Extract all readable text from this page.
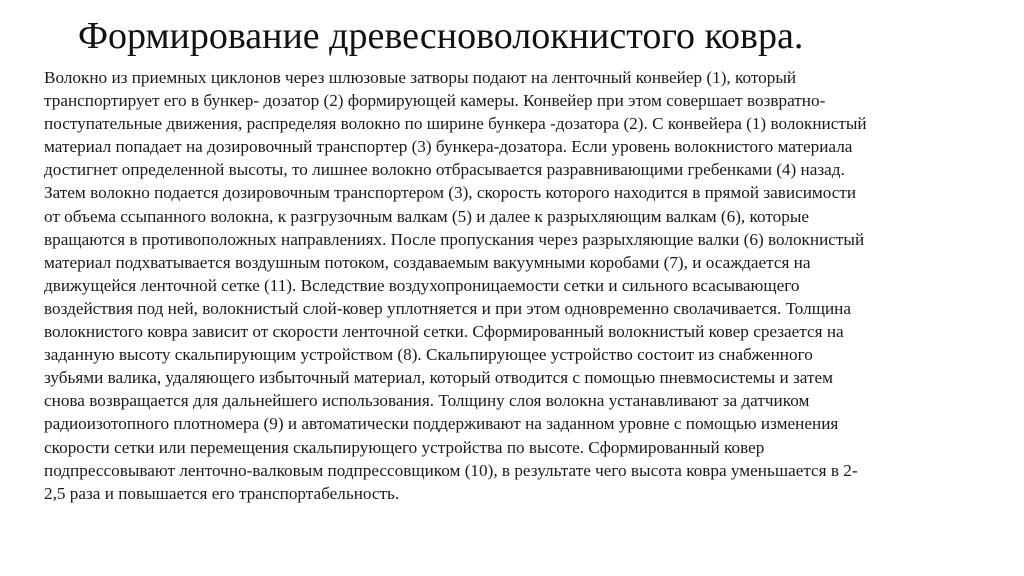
Формирование древесноволокнистого ковра.
Волокно из приемных циклонов через шлюзовые затворы подают на ленточный конвейер (1), который
транспортирует его в бункер- дозатор (2) формирующей камеры. Конвейер при этом совершает возвратно-
поступательные движения, распределяя волокно по ширине бункера -дозатора (2). С конвейера (1) волокнистый
материал попадает на дозировочный транспортер (3) бункера-дозатора. Если уровень волокнистого материала
достигнет определенной высоты, то лишнее волокно отбрасывается разравнивающими гребенками (4) назад.
Затем волокно подается дозировочным транспортером (3), скорость которого находится в прямой зависимости
от объема ссыпанного волокна, к разгрузочным валкам (5) и далее к разрыхляющим валкам (6), которые
вращаются в противоположных направлениях. После пропускания через разрыхляющие валки (6) волокнистый
материал подхватывается воздушным потоком, создаваемым вакуумными коробами (7), и осаждается на
движущейся ленточной сетке (11). Вследствие воздухопроницаемости сетки и сильного всасывающего
воздействия под ней, волокнистый слой-ковер уплотняется и при этом одновременно сволачивается. Толщина
волокнистого ковра зависит от скорости ленточной сетки. Сформированный волокнистый ковер срезается на
заданную высоту скальпирующим устройством (8). Скальпирующее устройство состоит из снабженного
зубьями валика, удаляющего избыточный материал, который отводится с помощью пневмосистемы и затем
снова возвращается для дальнейшего использования. Толщину слоя волокна устанавливают за датчиком
радиоизотопного плотномера (9) и автоматически поддерживают на заданном уровне с помощью изменения
скорости сетки или перемещения скальпирующего устройства по высоте. Сформированный ковер
подпрессовывают ленточно-валковым подпрессовщиком (10), в результате чего высота ковра уменьшается в 2-
2,5 раза и повышается его транспортабельность.
